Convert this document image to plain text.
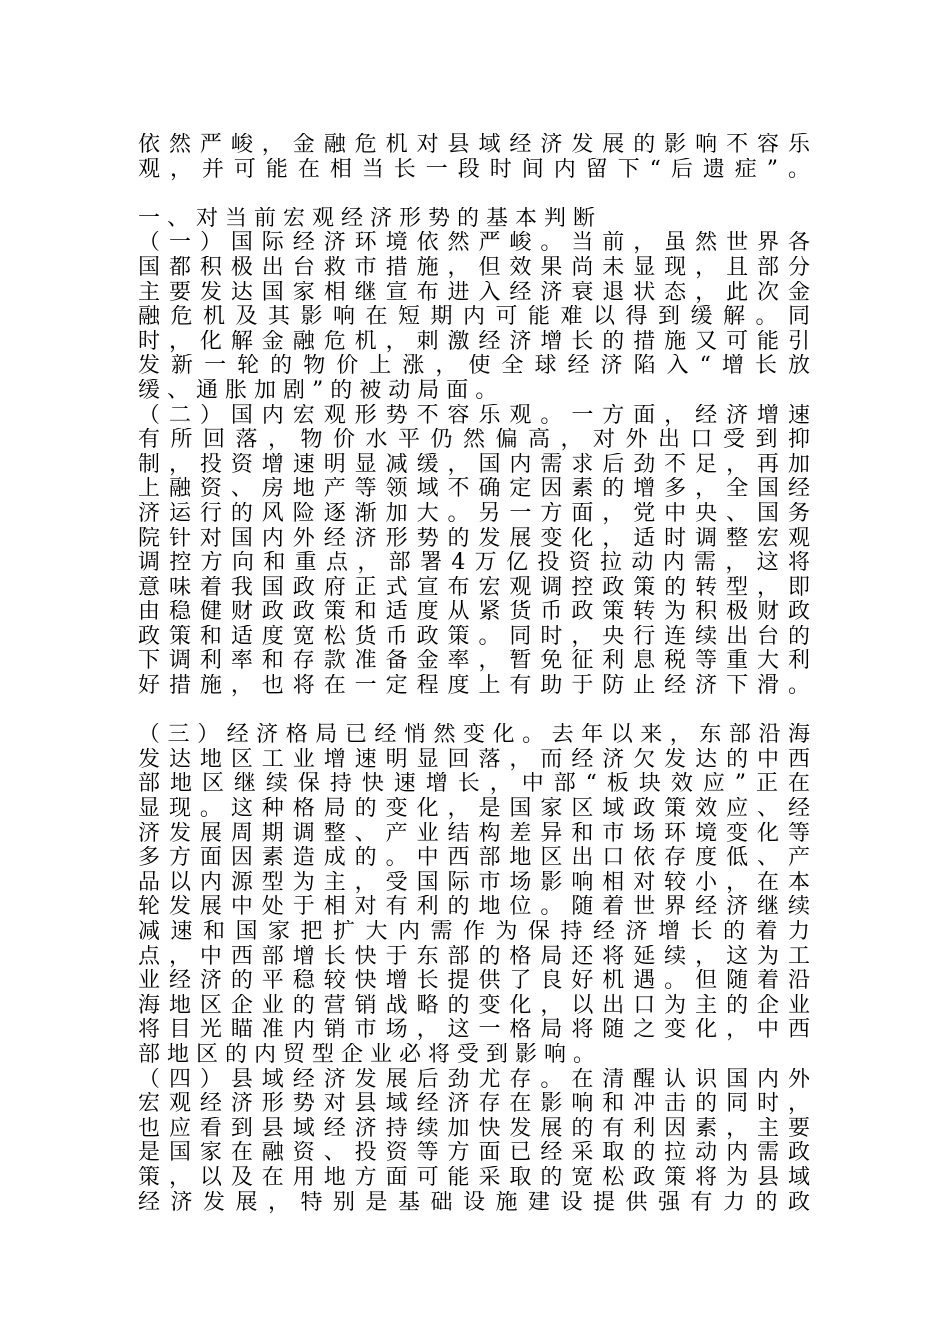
依然严峻，金融危机对县域经济发展的影响不容乐
观，并可能在相当长一段时间内留下“后遗症”。
一、对当前宏观经济形势的基本判断
（一）国际经济环境依然严峻。当前，虽然世界各
国都积极出台救市措施，但效果尚未显现，且部分
主要发达国家相继宣布进入经济衰退状态，此次金
融危机及其影响在短期内可能难以得到缓解。同
时，化解金融危机，刺激经济增长的措施又可能引
发新一轮的物价上涨，使全球经济陷入“增长放
缓、通胀加剧”的被动局面。
（二）国内宏观形势不容乐观。一方面，经济增速
有所回落，物价水平仍然偏高，对外出口受到抑
制，投资增速明显减缓，国内需求后劲不足，再加
上融资、房地产等领域不确定因素的增多，全国经
济运行的风险逐渐加大。另一方面，党中央、国务
院针对国内外经济形势的发展变化，适时调整宏观
调控方向和重点，部署4万亿投资拉动内需，这将
意味着我国政府正式宣布宏观调控政策的转型，即
由稳健财政政策和适度从紧货币政策转为积极财政
政策和适度宽松货币政策。同时，央行连续出台的
下调利率和存款准备金率，暂免征利息税等重大利
好措施，也将在一定程度上有助于防止经济下滑。
（三）经济格局已经悄然变化。去年以来，东部沿海
发达地区工业增速明显回落，而经济欠发达的中西
部地区继续保持快速增长，中部“板块效应”正在
显现。这种格局的变化，是国家区域政策效应、经
济发展周期调整、产业结构差异和市场环境变化等
多方面因素造成的。中西部地区出口依存度低、产
品以内源型为主，受国际市场影响相对较小，在本
轮发展中处于相对有利的地位。随着世界经济继续
减速和国家把扩大内需作为保持经济增长的着力
点，中西部增长快于东部的格局还将延续，这为工
业经济的平稳较快增长提供了良好机遇。但随着沿
海地区企业的营销战略的变化，以出口为主的企业
将目光瞄准内销市场，这一格局将随之变化，中西
部地区的内贸型企业必将受到影响。
（四）县域经济发展后劲尤存。在清醒认识国内外
宏观经济形势对县域经济存在影响和冲击的同时，
也应看到县域经济持续加快发展的有利因素，主要
是国家在融资、投资等方面已经采取的拉动内需政
策，以及在用地方面可能采取的宽松政策将为县域
经济发展，特别是基础设施建设提供强有力的政
